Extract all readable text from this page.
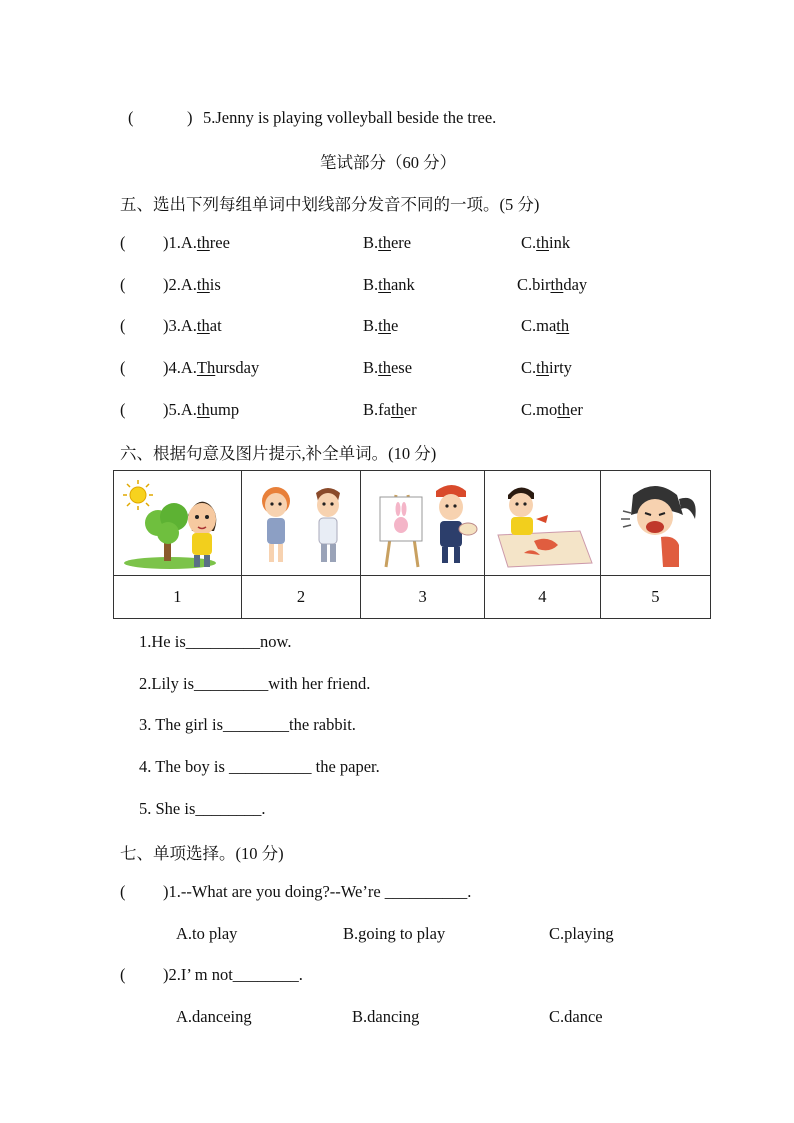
(	) 5.Jenny is playing volleyball beside the tree.
笔试部分（60 分）
五、选出下列每组单词中划线部分发音不同的一项。(5 分)
( )1.A.three	B.there	C.think
( )2.A.this	B.thank	C.birthday
( )3.A.that	B.the	C.math
( )4.A.Thursday	B.these	C.thirty
( )5.A.thump	B.father	C.mother
六、根据句意及图片提示,补全单词。(10 分)

1	2	3	4	5
1.He is_________now.
2.Lily is_________with her friend.
3. The girl is________the rabbit.
4. The boy is __________ the paper.
5. She is________.
七、单项选择。(10 分)
( )1.--What are you doing?--We’re __________.
A.to play	B.going to play	C.playing
( )2.I’ m not________.
A.danceing	B.dancing	C.dance
